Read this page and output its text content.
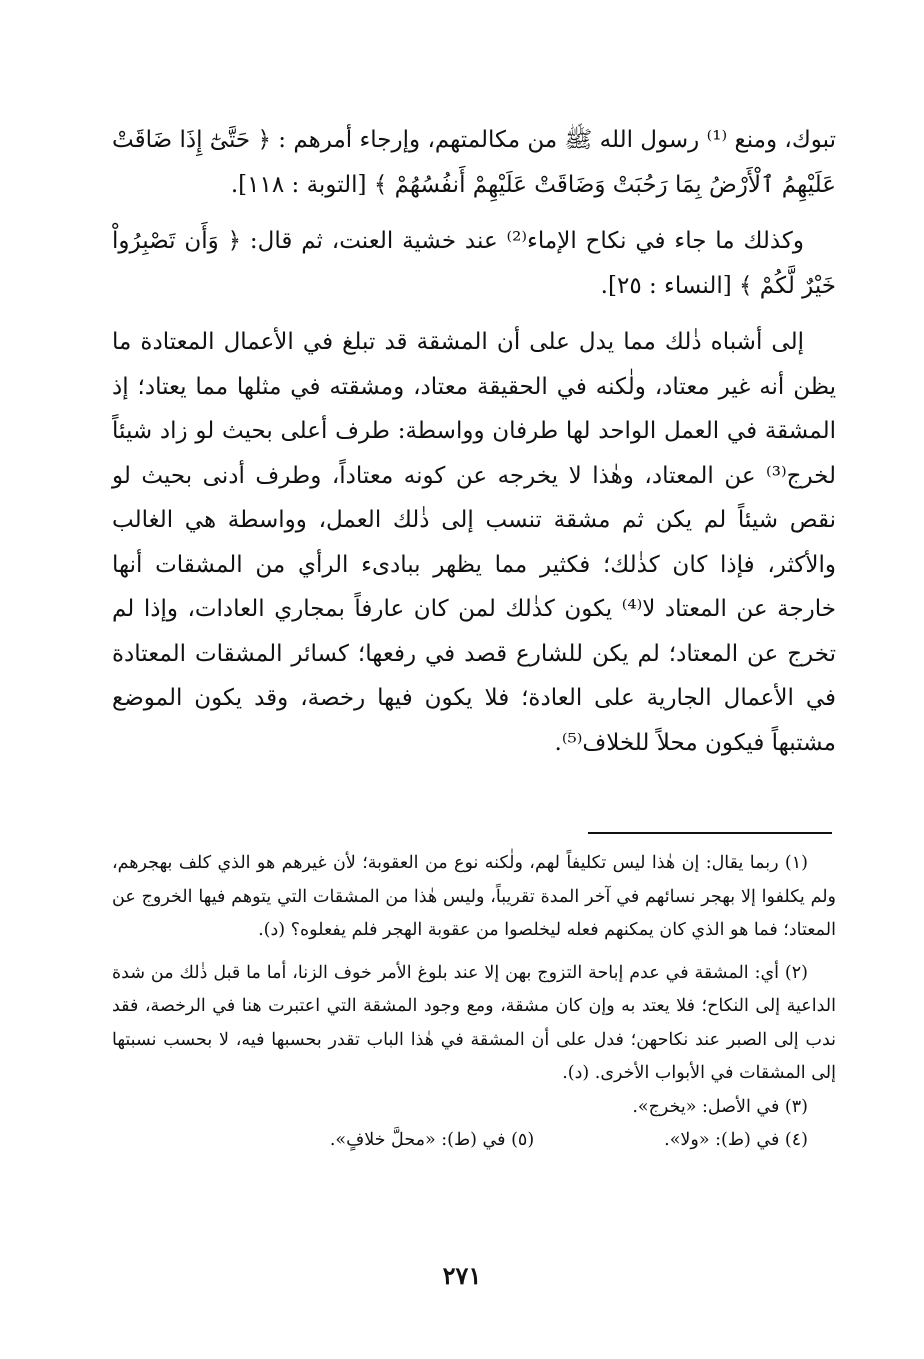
تبوك، ومنع ⁽¹⁾ رسول الله ﷺ من مكالمتهم، وإرجاء أمرهم : ﴿ حَتَّىٰٓ إِذَا ضَاقَتْ عَلَيْهِمُ ٱلْأَرْضُ بِمَا رَحُبَتْ وَضَاقَتْ عَلَيْهِمْ أَنفُسُهُمْ ﴾ [التوبة : ١١٨].

وكذلك ما جاء في نكاح الإماء⁽²⁾ عند خشية العنت، ثم قال: ﴿ وَأَن تَصْبِرُواْ خَيْرٌ لَّكُمْ ﴾ [النساء : ٢٥].

إلى أشباه ذٰلك مما يدل على أن المشقة قد تبلغ في الأعمال المعتادة ما يظن أنه غير معتاد، ولٰكنه في الحقيقة معتاد، ومشقته في مثلها مما يعتاد؛ إذ المشقة في العمل الواحد لها طرفان وواسطة: طرف أعلى بحيث لو زاد شيئاً لخرج⁽³⁾ عن المعتاد، وهٰذا لا يخرجه عن كونه معتاداً، وطرف أدنى بحيث لو نقص شيئاً لم يكن ثم مشقة تنسب إلى ذٰلك العمل، وواسطة هي الغالب والأكثر، فإذا كان كذٰلك؛ فكثير مما يظهر ببادىء الرأي من المشقات أنها خارجة عن المعتاد لا⁽⁴⁾ يكون كذٰلك لمن كان عارفاً بمجاري العادات، وإذا لم تخرج عن المعتاد؛ لم يكن للشارع قصد في رفعها؛ كسائر المشقات المعتادة في الأعمال الجارية على العادة؛ فلا يكون فيها رخصة، وقد يكون الموضع مشتبهاً فيكون محلاً للخلاف⁽⁵⁾.

(١) ربما يقال: إن هٰذا ليس تكليفاً لهم، ولٰكنه نوع من العقوبة؛ لأن غيرهم هو الذي كلف بهجرهم، ولم يكلفوا إلا بهجر نسائهم في آخر المدة تقريباً، وليس هٰذا من المشقات التي يتوهم فيها الخروج عن المعتاد؛ فما هو الذي كان يمكنهم فعله ليخلصوا من عقوبة الهجر فلم يفعلوه؟ (د).

(٢) أي: المشقة في عدم إباحة التزوج بهن إلا عند بلوغ الأمر خوف الزنا، أما ما قبل ذٰلك من شدة الداعية إلى النكاح؛ فلا يعتد به وإن كان مشقة، ومع وجود المشقة التي اعتبرت هنا في الرخصة، فقد ندب إلى الصبر عند نكاحهن؛ فدل على أن المشقة في هٰذا الباب تقدر بحسبها فيه، لا بحسب نسبتها إلى المشقات في الأبواب الأخرى. (د).

(٣) في الأصل: «يخرج».

(٤) في (ط): «ولا».(٥) في (ط): «محلَّ خلافٍ».

٢٧١
